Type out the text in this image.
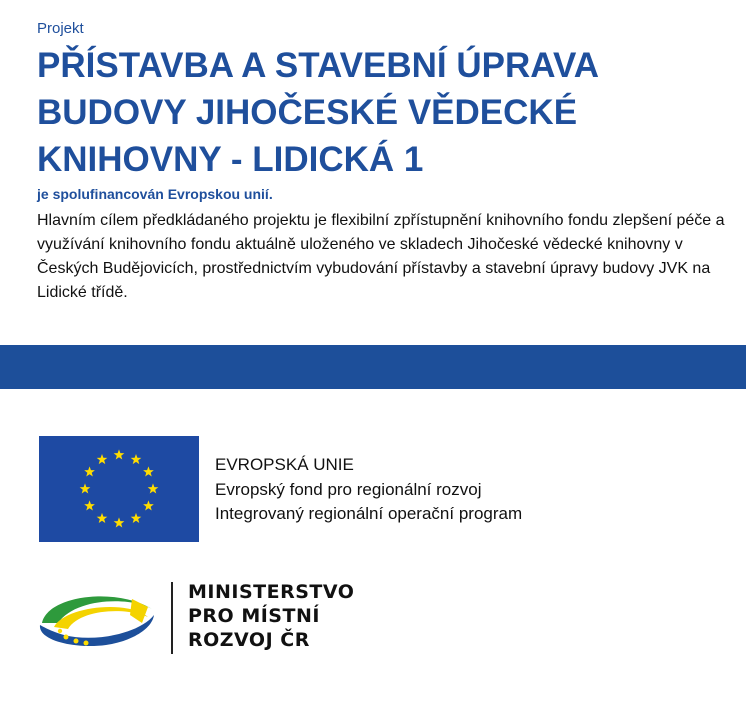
Projekt
PŘÍSTAVBA A STAVEBNÍ ÚPRAVA BUDOVY JIHOČESKÉ VĚDECKÉ KNIHOVNY - LIDICKÁ 1
je spolufinancován Evropskou unií.

Hlavním cílem předkládaného projektu je flexibilní zpřístupnění knihovního fondu zlepšení péče a využívání knihovního fondu aktuálně uloženého ve skladech Jihočeské vědecké knihovny v Českých Budějovicích, prostřednictvím vybudování přístavby a stavební úpravy budovy JVK na Lidické třídě.

EVROPSKÁ UNIE
Evropský fond pro regionální rozvoj
Integrovaný regionální operační program
MINISTERSTVO
PRO MÍSTNÍ
ROZVOJ ČR
